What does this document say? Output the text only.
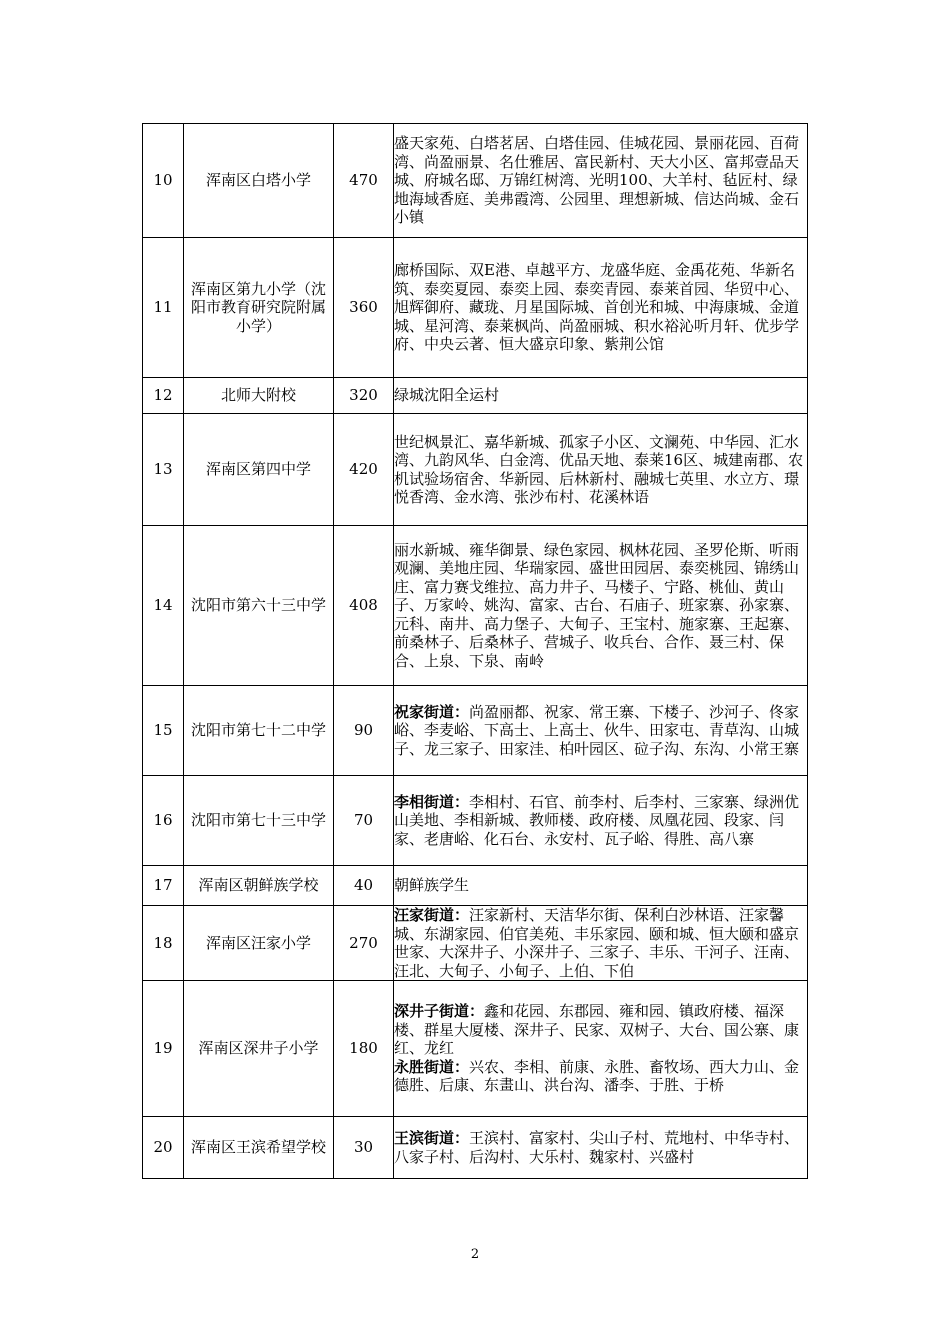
10	浑南区白塔小学	470	盛天家苑、白塔茗居、白塔佳园、佳城花园、景丽花园、百荷湾、尚盈丽景、名仕雅居、富民新村、天大小区、富邦壹品天城、府城名邸、万锦红树湾、光明100、大羊村、毡匠村、绿地海域香庭、美弗霞湾、公园里、理想新城、信达尚城、金石小镇

11	浑南区第九小学（沈阳市教育研究院附属小学）	360	廊桥国际、双E港、卓越平方、龙盛华庭、金禹花苑、华新名筑、泰奕夏园、泰奕上园、泰奕青园、泰莱首园、华贸中心、旭辉御府、藏珑、月星国际城、首创光和城、中海康城、金道城、星河湾、泰莱枫尚、尚盈丽城、积水裕沁听月轩、优步学府、中央云著、恒大盛京印象、紫荆公馆

12	北师大附校	320	绿城沈阳全运村

13	浑南区第四中学	420	世纪枫景汇、嘉华新城、孤家子小区、文澜苑、中华园、汇水湾、九韵风华、白金湾、优品天地、泰莱16区、城建南郡、农机试验场宿舍、华新园、后林新村、融城七英里、水立方、璟悦香湾、金水湾、张沙布村、花溪林语

14	沈阳市第六十三中学	408	丽水新城、雍华御景、绿色家园、枫林花园、圣罗伦斯、听雨观澜、美地庄园、华瑞家园、盛世田园居、泰奕桃园、锦绣山庄、富力赛戈维拉、高力井子、马楼子、宁路、桃仙、黄山子、万家岭、姚沟、富家、古台、石庙子、班家寨、孙家寨、元科、南井、高力堡子、大甸子、王宝村、施家寨、王起寨、前桑林子、后桑林子、营城子、收兵台、合作、聂三村、保合、上泉、下泉、南岭

15	沈阳市第七十二中学	90	祝家街道：尚盈丽都、祝家、常王寨、下楼子、沙河子、佟家峪、李麦峪、下高士、上高士、伙牛、田家屯、青草沟、山城子、龙三家子、田家洼、柏叶园区、砬子沟、东沟、小常王寨

16	沈阳市第七十三中学	70	李相街道：李相村、石官、前李村、后李村、三家寨、绿洲优山美地、李相新城、教师楼、政府楼、凤凰花园、段家、闫家、老唐峪、化石台、永安村、瓦子峪、得胜、高八寨

17	浑南区朝鲜族学校	40	朝鲜族学生

18	浑南区汪家小学	270	汪家街道：汪家新村、天洁华尔街、保利白沙林语、汪家馨城、东湖家园、伯官美苑、丰乐家园、颐和城、恒大颐和盛京世家、大深井子、小深井子、三家子、丰乐、干河子、汪南、汪北、大甸子、小甸子、上伯、下伯

19	浑南区深井子小学	180	深井子街道：鑫和花园、东郡园、雍和园、镇政府楼、福深楼、群星大厦楼、深井子、民家、双树子、大台、国公寨、康红、龙红
永胜街道：兴农、李相、前康、永胜、畜牧场、西大力山、金德胜、后康、东畫山、洪台沟、潘李、于胜、于桥

20	浑南区王滨希望学校	30	王滨街道：王滨村、富家村、尖山子村、荒地村、中华寺村、八家子村、后沟村、大乐村、魏家村、兴盛村
2
